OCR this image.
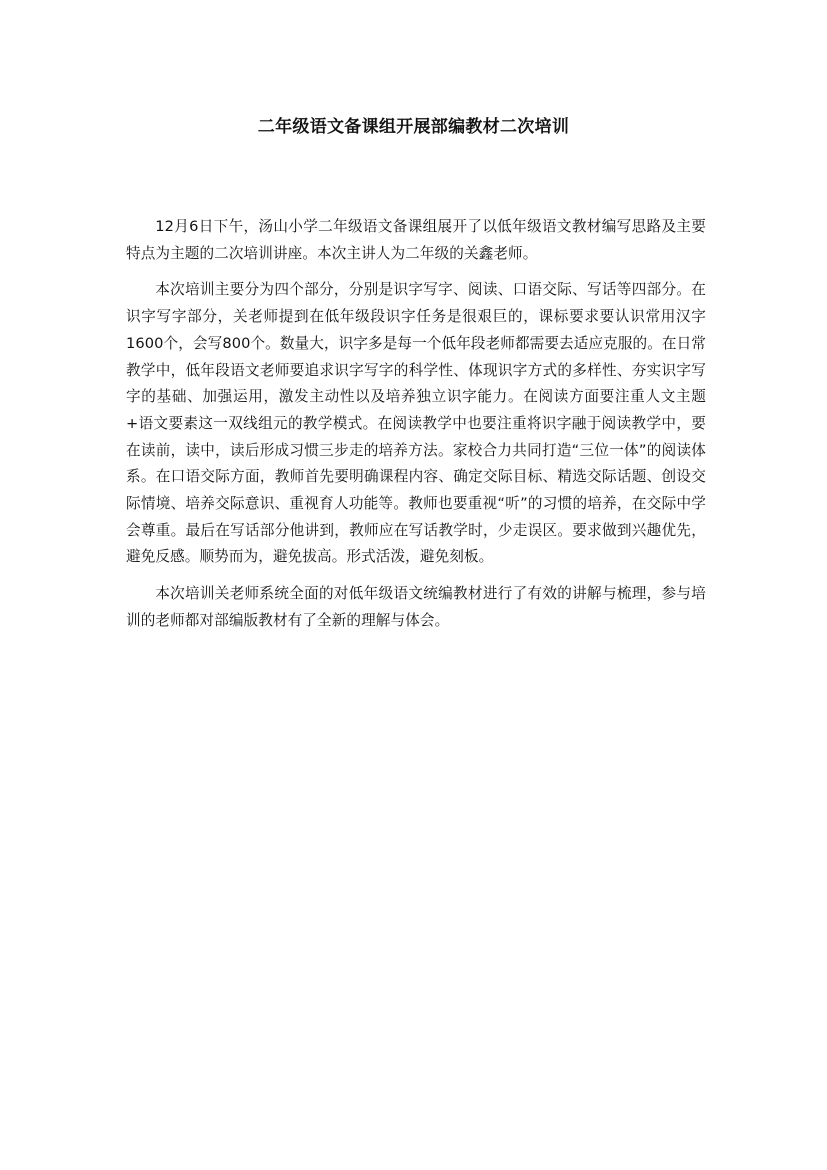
二年级语文备课组开展部编教材二次培训

12月6日下午，汤山小学二年级语文备课组展开了以低年级语文教材编写思路及主要特点为主题的二次培训讲座。本次主讲人为二年级的关鑫老师。

本次培训主要分为四个部分，分别是识字写字、阅读、口语交际、写话等四部分。在识字写字部分，关老师提到在低年级段识字任务是很艰巨的，课标要求要认识常用汉字1600个，会写800个。数量大，识字多是每一个低年段老师都需要去适应克服的。在日常教学中，低年段语文老师要追求识字写字的科学性、体现识字方式的多样性、夯实识字写字的基础、加强运用，激发主动性以及培养独立识字能力。在阅读方面要注重人文主题+语文要素这一双线组元的教学模式。在阅读教学中也要注重将识字融于阅读教学中，要在读前，读中，读后形成习惯三步走的培养方法。家校合力共同打造“三位一体”的阅读体系。在口语交际方面，教师首先要明确课程内容、确定交际目标、精选交际话题、创设交际情境、培养交际意识、重视育人功能等。教师也要重视“听”的习惯的培养，在交际中学会尊重。最后在写话部分他讲到，教师应在写话教学时，少走误区。要求做到兴趣优先，避免反感。顺势而为，避免拔高。形式活泼，避免刻板。

本次培训关老师系统全面的对低年级语文统编教材进行了有效的讲解与梳理，参与培训的老师都对部编版教材有了全新的理解与体会。
